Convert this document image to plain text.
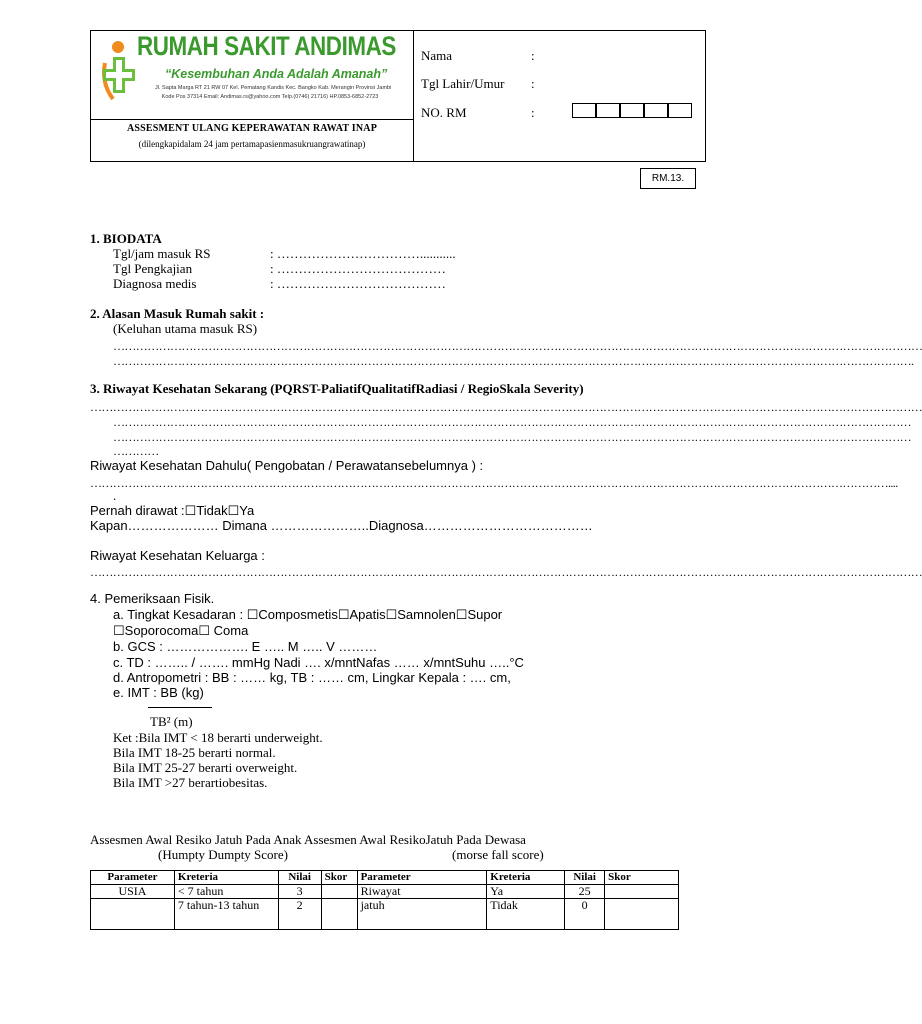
RUMAH SAKIT ANDIMAS
“Kesembuhan Anda Adalah Amanah”
Jl. Sapta Marga RT 21 RW 07 Kel. Pematang Kandis Kec. Bangko Kab. Merangin Provinsi Jambi
Kode Pos 37314 Email: Andimas.rs@yahoo.com Telp.(0746) 21716) HP.0853-6852-2723
ASSESMENT ULANG KEPERAWATAN RAWAT INAP
(dilengkapidalam 24 jam pertamapasienmasukruangrawatinap)
Nama	:
Tgl Lahir/Umur :
NO. RM	:
RM.13.
1. BIODATA
Tgl/jam masuk RS	: ……………………………...........
Tgl Pengkajian	: …………………………………
Diagnosa medis	: …………………………………
2. Alasan Masuk Rumah sakit :
(Keluhan utama masuk RS)
……………………………………………………………………………………………………………………………………………………………………………………………
………………………………………………………………………………………………………………………………………………………………………………………….
3. Riwayat Kesehatan Sekarang (PQRST-PaliatifQualitatifRadiasi / RegioSkala Severity)
…………………………………………………………………………………………………………………………………………………………………………………………………
…………………………………………………………………………………………………………………………………………………………………………………………
…………………………………………………………………………………………………………………………………………………………………………………………
…………
Riwayat Kesehatan Dahulu( Pengobatan / Perawatansebelumnya ) :
…………………………………………………………………………………………………………………………………………………………………………………………....
.
Pernah dirawat :☐Tidak☐Ya
Kapan………………… Dimana …………………..Diagnosa…………………………………
Riwayat Kesehatan Keluarga :
…………………………………………………………………………………………………………………………………………………………………………………………………
4. Pemeriksaan Fisik.
a. Tingkat Kesadaran : ☐Composmetis☐Apatis☐Samnolen☐Supor
☐Soporocoma☐ Coma
b. GCS : ………………. E ….. M ….. V ………
c. TD : …….. / ……. mmHg Nadi …. x/mntNafas …… x/mntSuhu …..°C
d. Antropometri : BB : …… kg, TB : …… cm, Lingkar Kepala : …. cm,
e. IMT : BB (kg)
TB² (m)
Ket :Bila IMT < 18 berarti underweight.
Bila IMT 18-25 berarti normal.
Bila IMT 25-27 berarti overweight.
Bila IMT >27 berartiobesitas.
Assesmen Awal Resiko Jatuh Pada Anak Assesmen Awal ResikoJatuh Pada Dewasa
(Humpty Dumpty Score)	(morse fall score)
Parameter	Kreteria	Nilai	Skor	Parameter	Kreteria	Nilai	Skor
USIA	< 7 tahun	3		Riwayat	Ya	25	
	7 tahun-13 tahun	2		jatuh	Tidak	0	
